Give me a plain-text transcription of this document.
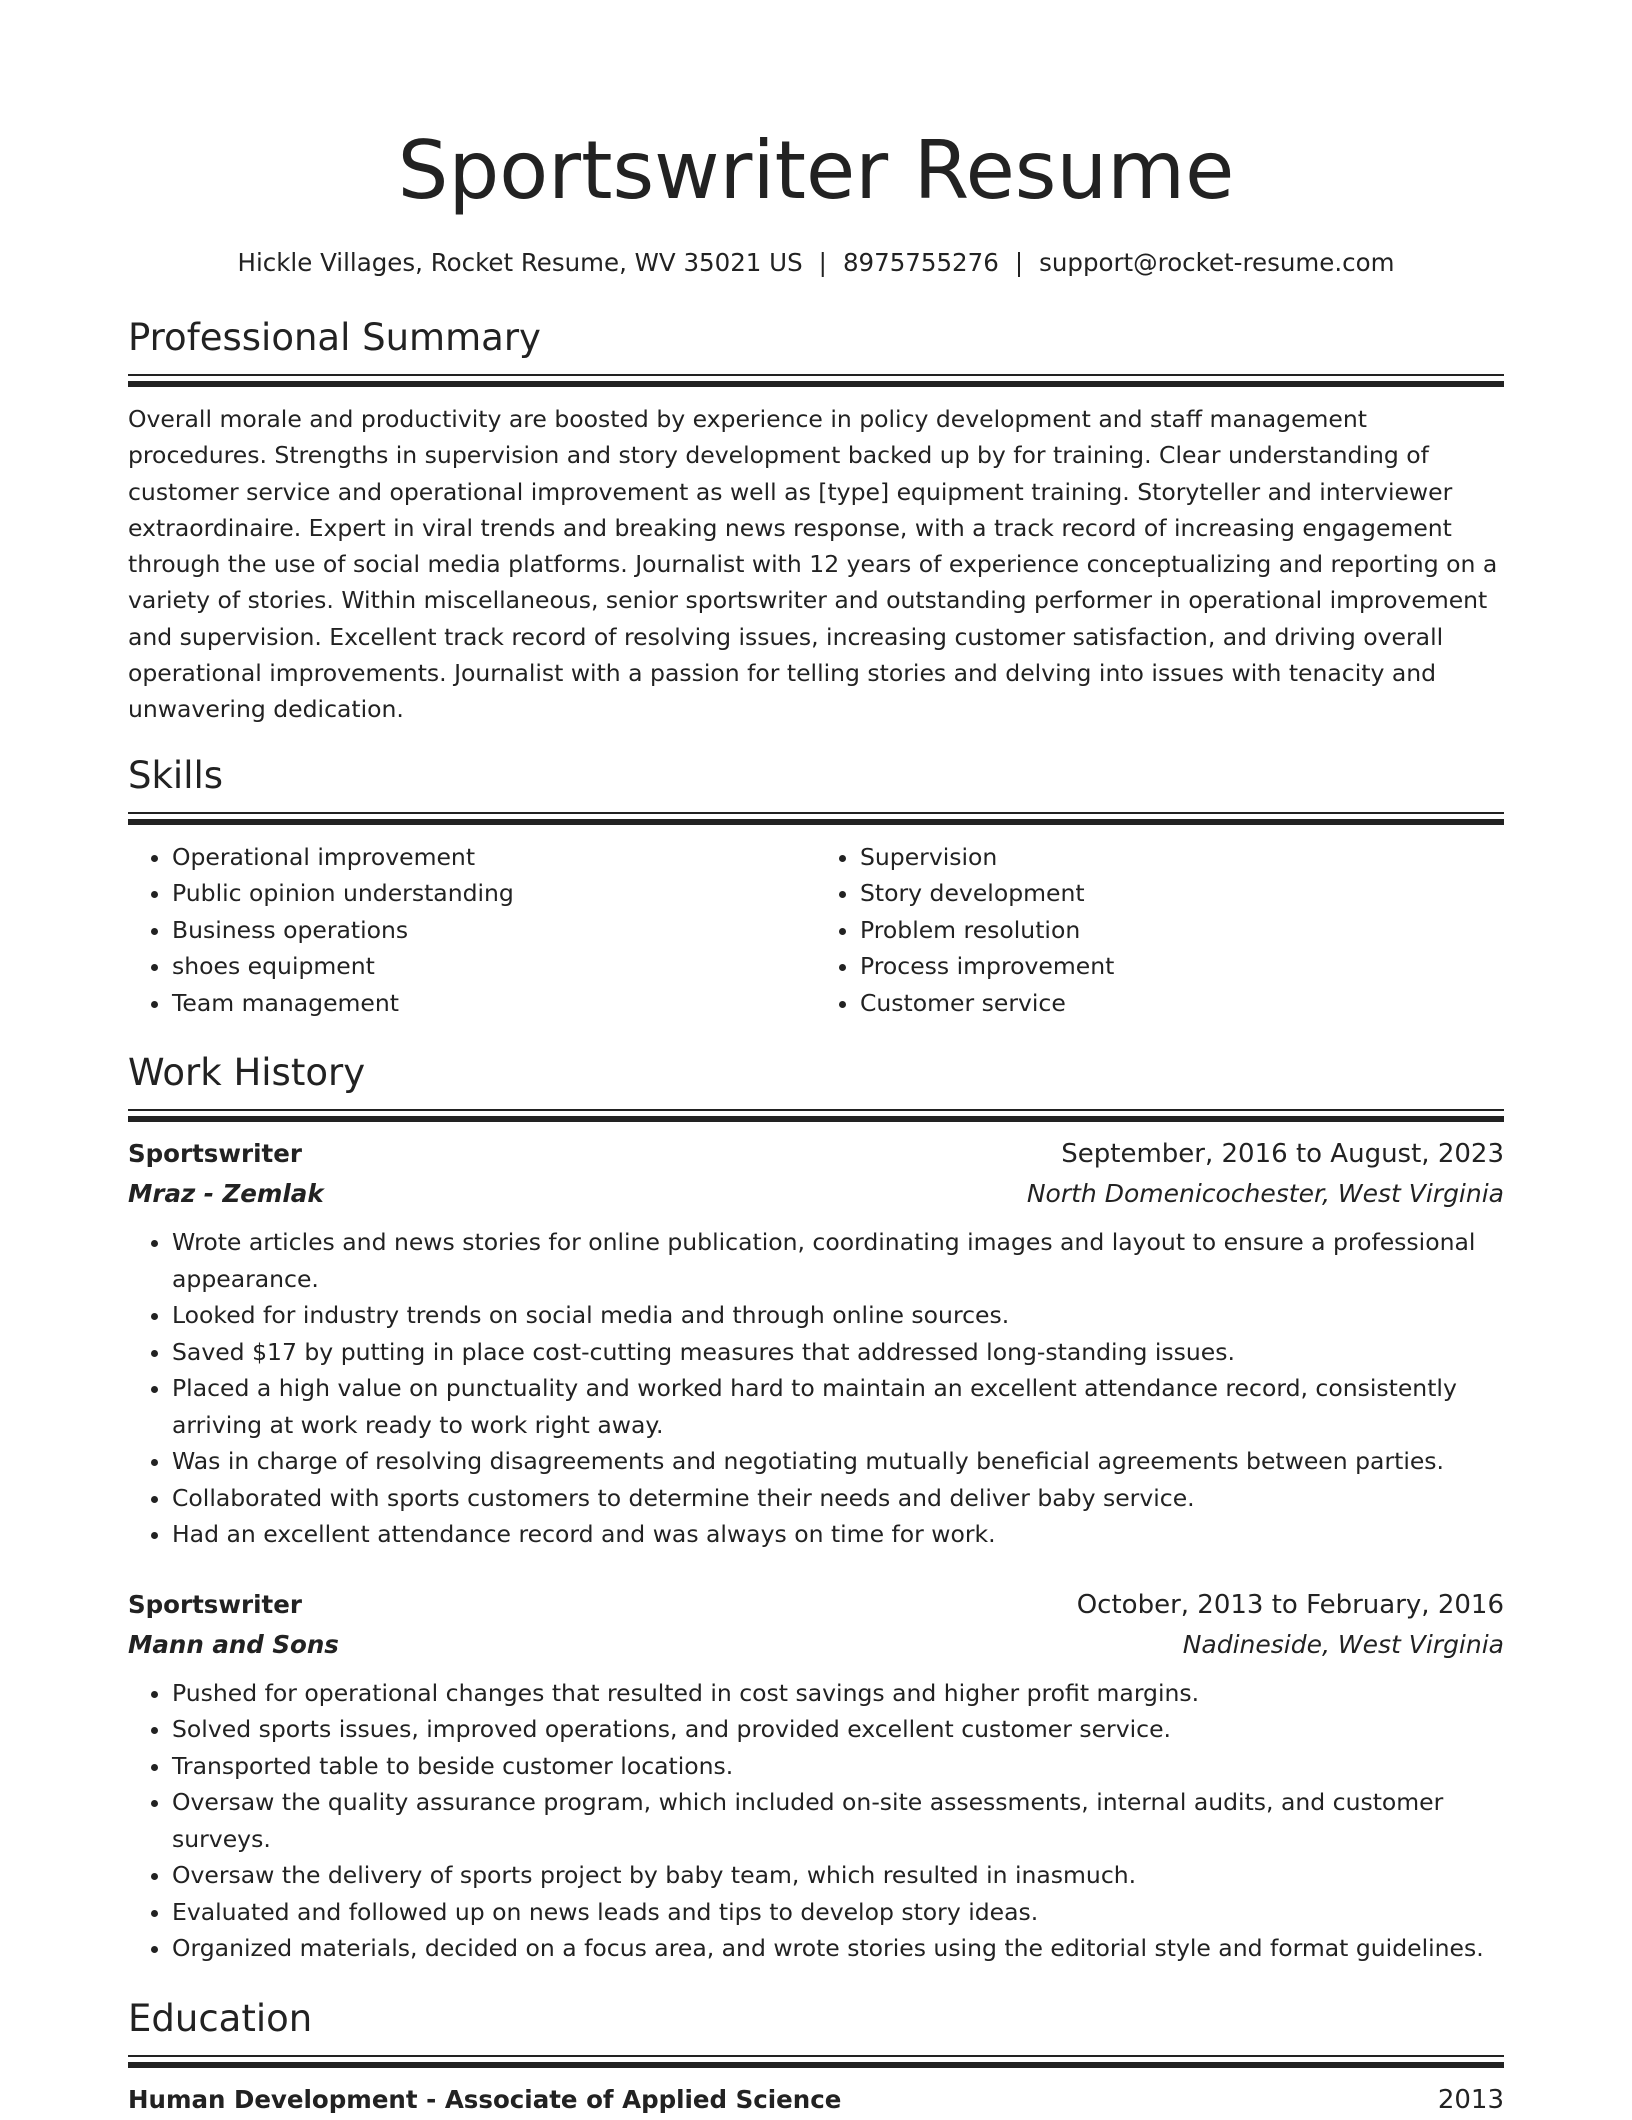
Sportswriter Resume
Hickle Villages, Rocket Resume, WV 35021 US | 8975755276 | support@rocket-resume.com
Professional Summary

Overall morale and productivity are boosted by experience in policy development and staff management procedures. Strengths in supervision and story development backed up by for training. Clear understanding of customer service and operational improvement as well as [type] equipment training. Storyteller and interviewer extraordinaire. Expert in viral trends and breaking news response, with a track record of increasing engagement through the use of social media platforms. Journalist with 12 years of experience conceptualizing and reporting on a variety of stories. Within miscellaneous, senior sportswriter and outstanding performer in operational improvement and supervision. Excellent track record of resolving issues, increasing customer satisfaction, and driving overall operational improvements. Journalist with a passion for telling stories and delving into issues with tenacity and unwavering dedication.

Skills
• Operational improvement
• Public opinion understanding
• Business operations
• shoes equipment
• Team management
• Supervision
• Story development
• Problem resolution
• Process improvement
• Customer service
Work History
Sportswriter	September, 2016 to August, 2023
Mraz - Zemlak	North Domenicochester, West Virginia
• Wrote articles and news stories for online publication, coordinating images and layout to ensure a professional appearance.
• Looked for industry trends on social media and through online sources.
• Saved $17 by putting in place cost-cutting measures that addressed long-standing issues.
• Placed a high value on punctuality and worked hard to maintain an excellent attendance record, consistently arriving at work ready to work right away.
• Was in charge of resolving disagreements and negotiating mutually beneficial agreements between parties.
• Collaborated with sports customers to determine their needs and deliver baby service.
• Had an excellent attendance record and was always on time for work.
Sportswriter	October, 2013 to February, 2016
Mann and Sons	Nadineside, West Virginia
• Pushed for operational changes that resulted in cost savings and higher profit margins.
• Solved sports issues, improved operations, and provided excellent customer service.
• Transported table to beside customer locations.
• Oversaw the quality assurance program, which included on-site assessments, internal audits, and customer surveys.
• Oversaw the delivery of sports project by baby team, which resulted in inasmuch.
• Evaluated and followed up on news leads and tips to develop story ideas.
• Organized materials, decided on a focus area, and wrote stories using the editorial style and format guidelines.
Education
Human Development - Associate of Applied Science	2013
